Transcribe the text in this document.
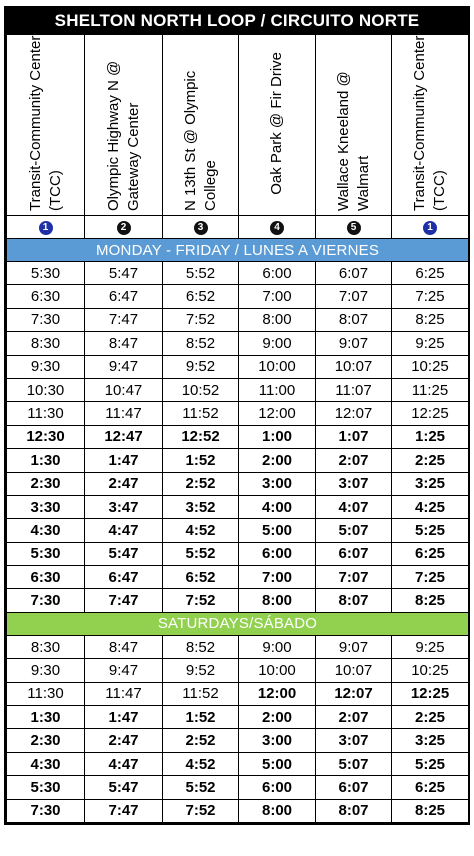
SHELTON NORTH LOOP / CIRCUITO NORTE
Transit-Community Center (TCC)	Olympic Highway N @ Gateway Center	N 13th St @ Olympic College	Oak Park @ Fir Drive	Wallace Kneeland @ Walmart	Transit-Community Center (TCC)
1	2	3	4	5	1
MONDAY - FRIDAY / LUNES A VIERNES					
5:30	5:47	5:52	6:00	6:07	6:25
6:30	6:47	6:52	7:00	7:07	7:25
7:30	7:47	7:52	8:00	8:07	8:25
8:30	8:47	8:52	9:00	9:07	9:25
9:30	9:47	9:52	10:00	10:07	10:25
10:30	10:47	10:52	11:00	11:07	11:25
11:30	11:47	11:52	12:00	12:07	12:25
12:30	12:47	12:52	1:00	1:07	1:25
1:30	1:47	1:52	2:00	2:07	2:25
2:30	2:47	2:52	3:00	3:07	3:25
3:30	3:47	3:52	4:00	4:07	4:25
4:30	4:47	4:52	5:00	5:07	5:25
5:30	5:47	5:52	6:00	6:07	6:25
6:30	6:47	6:52	7:00	7:07	7:25
7:30	7:47	7:52	8:00	8:07	8:25
SATURDAYS/SÁBADO					
8:30	8:47	8:52	9:00	9:07	9:25
9:30	9:47	9:52	10:00	10:07	10:25
11:30	11:47	11:52	12:00	12:07	12:25
1:30	1:47	1:52	2:00	2:07	2:25
2:30	2:47	2:52	3:00	3:07	3:25
4:30	4:47	4:52	5:00	5:07	5:25
5:30	5:47	5:52	6:00	6:07	6:25
7:30	7:47	7:52	8:00	8:07	8:25
